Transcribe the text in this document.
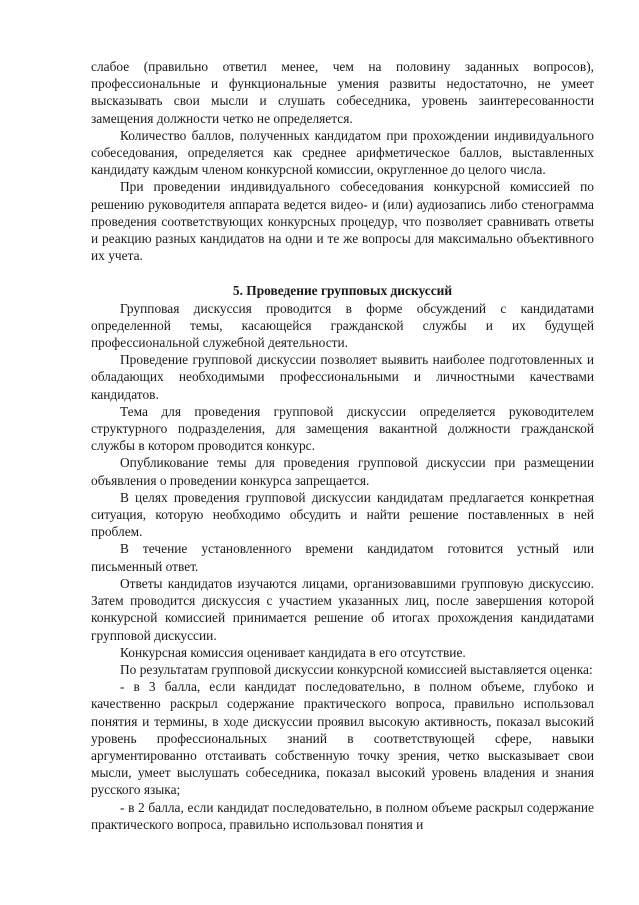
слабое (правильно ответил менее, чем на половину заданных вопросов), профессиональные и функциональные умения развиты недостаточно, не умеет высказывать свои мысли и слушать собеседника, уровень заинтересованности замещения должности четко не определяется.

Количество баллов, полученных кандидатом при прохождении индивидуального собеседования, определяется как среднее арифметическое баллов, выставленных кандидату каждым членом конкурсной комиссии, округленное до целого числа.

При проведении индивидуального собеседования конкурсной комиссией по решению руководителя аппарата ведется видео- и (или) аудиозапись либо стенограмма проведения соответствующих конкурсных процедур, что позволяет сравнивать ответы и реакцию разных кандидатов на одни и те же вопросы для максимально объективного их учета.

5. Проведение групповых дискуссий

Групповая дискуссия проводится в форме обсуждений с кандидатами определенной темы, касающейся гражданской службы и их будущей профессиональной служебной деятельности.

Проведение групповой дискуссии позволяет выявить наиболее подготовленных и обладающих необходимыми профессиональными и личностными качествами кандидатов.

Тема для проведения групповой дискуссии определяется руководителем структурного подразделения, для замещения вакантной должности гражданской службы в котором проводится конкурс.

Опубликование темы для проведения групповой дискуссии при размещении объявления о проведении конкурса запрещается.

В целях проведения групповой дискуссии кандидатам предлагается конкретная ситуация, которую необходимо обсудить и найти решение поставленных в ней проблем.

В течение установленного времени кандидатом готовится устный или письменный ответ.

Ответы кандидатов изучаются лицами, организовавшими групповую дискуссию. Затем проводится дискуссия с участием указанных лиц, после завершения которой конкурсной комиссией принимается решение об итогах прохождения кандидатами групповой дискуссии.

Конкурсная комиссия оценивает кандидата в его отсутствие.

По результатам групповой дискуссии конкурсной комиссией выставляется оценка:

- в 3 балла, если кандидат последовательно, в полном объеме, глубоко и качественно раскрыл содержание практического вопроса, правильно использовал понятия и термины, в ходе дискуссии проявил высокую активность, показал высокий уровень профессиональных знаний в соответствующей сфере, навыки аргументированно отстаивать собственную точку зрения, четко высказывает свои мысли, умеет выслушать собеседника, показал высокий уровень владения и знания русского языка;

- в 2 балла, если кандидат последовательно, в полном объеме раскрыл содержание практического вопроса, правильно использовал понятия и
